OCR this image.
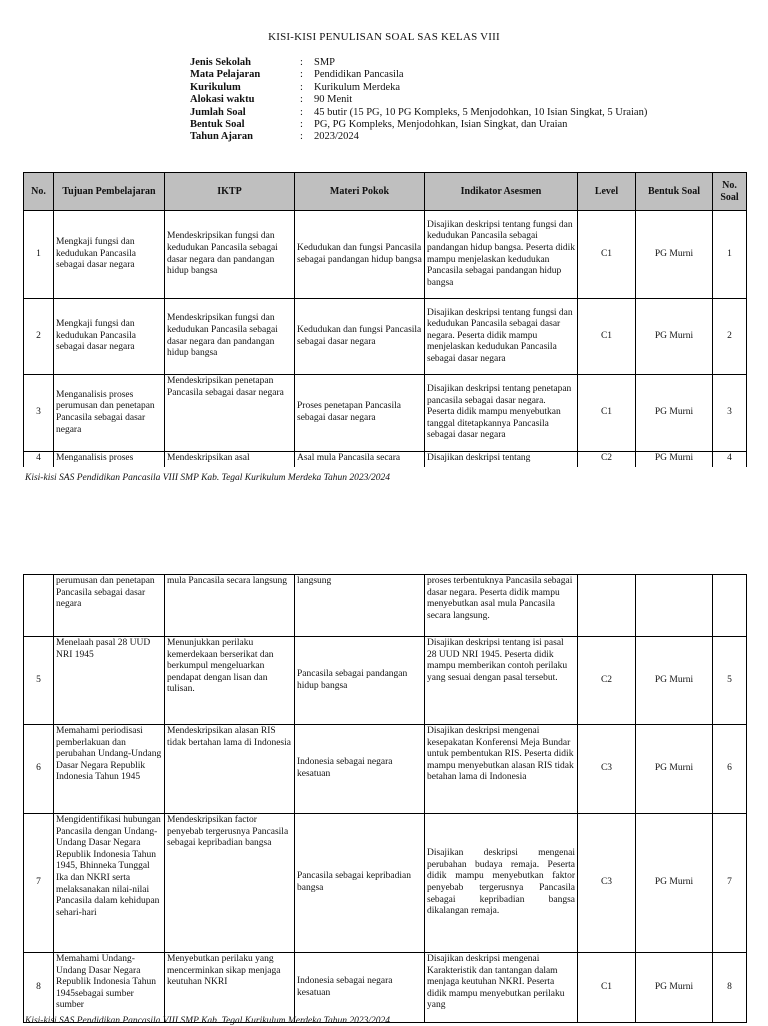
KISI-KISI PENULISAN SOAL SAS KELAS VIII
Jenis Sekolah	:	SMP
Mata Pelajaran	:	Pendidikan Pancasila
Kurikulum	:	Kurikulum Merdeka
Alokasi waktu	:	90 Menit
Jumlah Soal	:	45 butir (15 PG, 10 PG Kompleks, 5 Menjodohkan, 10 Isian Singkat, 5 Uraian)
Bentuk Soal	:	PG, PG Kompleks, Menjodohkan, Isian Singkat, dan Uraian
Tahun Ajaran	:	2023/2024
No.	Tujuan Pembelajaran	IKTP	Materi Pokok	Indikator Asesmen	Level	Bentuk Soal	No. Soal
1	Mengkaji fungsi dan kedudukan Pancasila sebagai dasar negara	Mendeskripsikan fungsi dan kedudukan Pancasila sebagai dasar negara dan pandangan hidup bangsa	Kedudukan dan fungsi Pancasila sebagai pandangan hidup bangsa	Disajikan deskripsi tentang fungsi dan kedudukan Pancasila sebagai pandangan hidup bangsa. Peserta didik mampu menjelaskan kedudukan Pancasila sebagai pandangan hidup bangsa	C1	PG Murni	1
2	Mengkaji fungsi dan kedudukan Pancasila sebagai dasar negara	Mendeskripsikan fungsi dan kedudukan Pancasila sebagai dasar negara dan pandangan hidup bangsa	Kedudukan dan fungsi Pancasila sebagai dasar negara	Disajikan deskripsi tentang fungsi dan kedudukan Pancasila sebagai dasar negara. Peserta didik mampu menjelaskan kedudukan Pancasila sebagai dasar negara	C1	PG Murni	2
3	Menganalisis proses perumusan dan penetapan Pancasila sebagai dasar negara	Mendeskripsikan penetapan Pancasila sebagai dasar negara	Proses penetapan Pancasila sebagai dasar negara	Disajikan deskripsi tentang penetapan pancasila sebagai dasar negara. Peserta didik mampu menyebutkan tanggal ditetapkannya Pancasila sebagai dasar negara	C1	PG Murni	3
4	Menganalisis proses	Mendeskripsikan asal	Asal mula Pancasila secara	Disajikan deskripsi tentang	C2	PG Murni	4
Kisi-kisi SAS Pendidikan Pancasila VIII SMP Kab. Tegal Kurikulum Merdeka Tahun 2023/2024
	perumusan dan penetapan Pancasila sebagai dasar negara	mula Pancasila secara langsung	langsung	proses terbentuknya Pancasila sebagai dasar negara. Peserta didik mampu menyebutkan asal mula Pancasila secara langsung.			
5	Menelaah pasal 28 UUD NRI 1945	Menunjukkan perilaku kemerdekaan berserikat dan berkumpul mengeluarkan pendapat dengan lisan dan tulisan.	Pancasila sebagai pandangan hidup bangsa	Disajikan deskripsi tentang isi pasal 28 UUD NRI 1945. Peserta didik mampu memberikan contoh perilaku yang sesuai dengan pasal tersebut.	C2	PG Murni	5
6	Memahami periodisasi pemberlakuan dan perubahan Undang-Undang Dasar Negara Republik Indonesia Tahun 1945	Mendeskripsikan alasan RIS tidak bertahan lama di Indonesia	Indonesia sebagai negara kesatuan	Disajikan deskripsi mengenai kesepakatan Konferensi Meja Bundar untuk pembentukan RIS. Peserta didik mampu menyebutkan alasan RIS tidak betahan lama di Indonesia	C3	PG Murni	6
7	Mengidentifikasi hubungan Pancasila dengan Undang-Undang Dasar Negara Republik Indonesia Tahun 1945, Bhinneka Tunggal Ika dan NKRI serta melaksanakan nilai-nilai Pancasila dalam kehidupan sehari-hari	Mendeskripsikan factor penyebab tergerusnya Pancasila sebagai kepribadian bangsa	Pancasila sebagai kepribadian bangsa	Disajikan deskripsi mengenai perubahan budaya remaja. Peserta didik mampu menyebutkan faktor penyebab tergerusnya Pancasila sebagai kepribadian bangsa dikalangan remaja.	C3	PG Murni	7
8	Memahami Undang-Undang Dasar Negara Republik Indonesia Tahun 1945sebagai sumber sumber	Menyebutkan perilaku yang mencerminkan sikap menjaga keutuhan NKRI	Indonesia sebagai negara kesatuan	Disajikan deskripsi mengenai Karakteristik dan tantangan dalam menjaga keutuhan NKRI. Peserta didik mampu menyebutkan perilaku yang	C1	PG Murni	8
Kisi-kisi SAS Pendidikan Pancasila VIII SMP Kab. Tegal Kurikulum Merdeka Tahun 2023/2024
